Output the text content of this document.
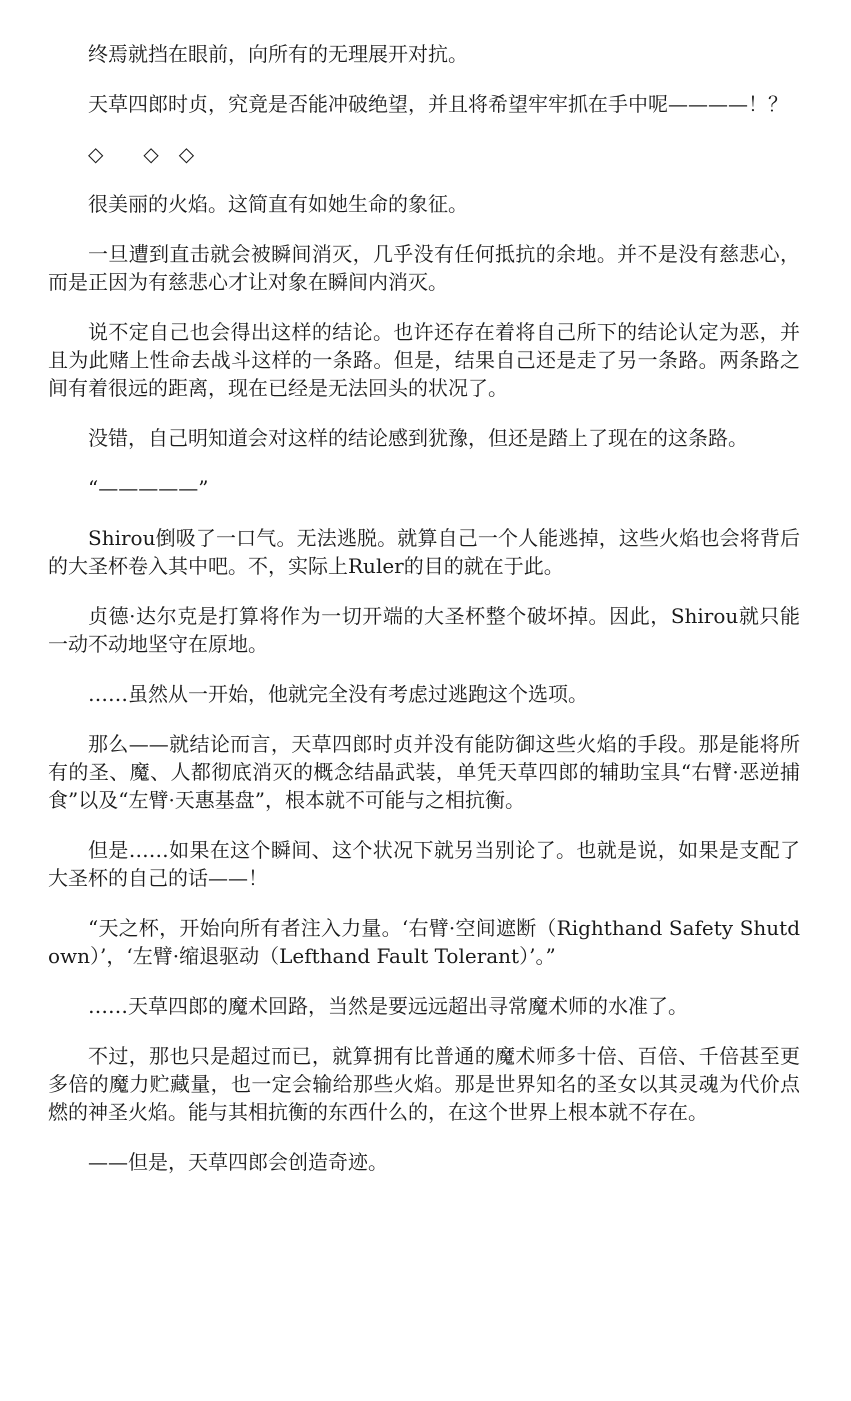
终焉就挡在眼前，向所有的无理展开对抗。

天草四郎时贞，究竟是否能冲破绝望，并且将希望牢牢抓在手中呢————！？

◇　　◇　◇

很美丽的火焰。这简直有如她生命的象征。

一旦遭到直击就会被瞬间消灭，几乎没有任何抵抗的余地。并不是没有慈悲心，而是正因为有慈悲心才让对象在瞬间内消灭。

说不定自己也会得出这样的结论。也许还存在着将自己所下的结论认定为恶，并且为此赌上性命去战斗这样的一条路。但是，结果自己还是走了另一条路。两条路之间有着很远的距离，现在已经是无法回头的状况了。

没错，自己明知道会对这样的结论感到犹豫，但还是踏上了现在的这条路。

“—————”

Shirou倒吸了一口气。无法逃脱。就算自己一个人能逃掉，这些火焰也会将背后的大圣杯卷入其中吧。不，实际上Ruler的目的就在于此。

贞德·达尔克是打算将作为一切开端的大圣杯整个破坏掉。因此，Shirou就只能一动不动地坚守在原地。

……虽然从一开始，他就完全没有考虑过逃跑这个选项。

那么——就结论而言，天草四郎时贞并没有能防御这些火焰的手段。那是能将所有的圣、魔、人都彻底消灭的概念结晶武装，单凭天草四郎的辅助宝具“右臂·恶逆捕食”以及“左臂·天惠基盘”，根本就不可能与之相抗衡。

但是……如果在这个瞬间、这个状况下就另当别论了。也就是说，如果是支配了大圣杯的自己的话——！

“天之杯，开始向所有者注入力量。‘右臂·空间遮断（Righthand Safety Shutdown）’，‘左臂·缩退驱动（Lefthand Fault Tolerant）’。”

……天草四郎的魔术回路，当然是要远远超出寻常魔术师的水准了。

不过，那也只是超过而已，就算拥有比普通的魔术师多十倍、百倍、千倍甚至更多倍的魔力贮藏量，也一定会输给那些火焰。那是世界知名的圣女以其灵魂为代价点燃的神圣火焰。能与其相抗衡的东西什么的，在这个世界上根本就不存在。

——但是，天草四郎会创造奇迹。
